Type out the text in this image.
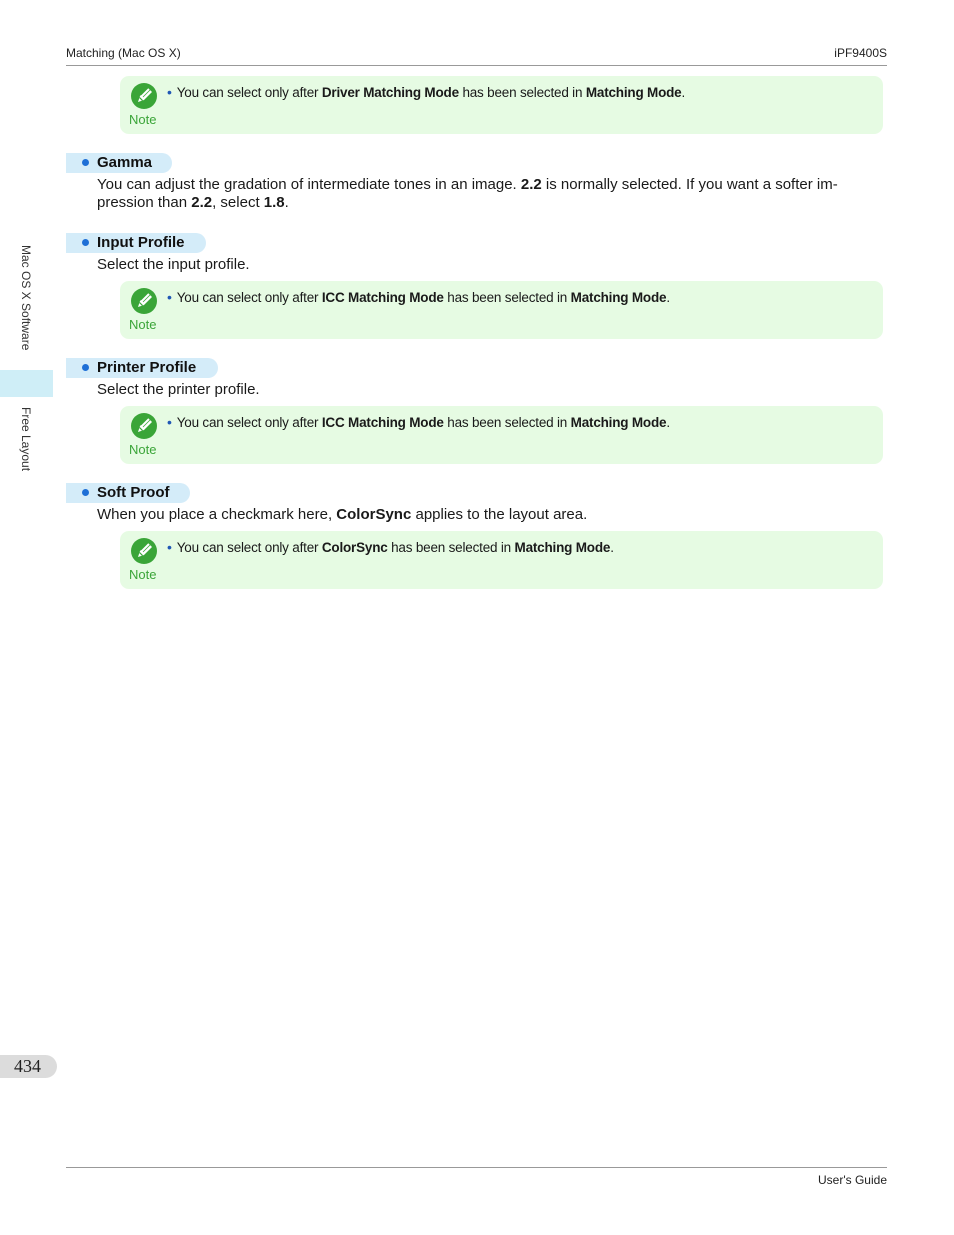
Matching (Mac OS X)	iPF9400S
Mac OS X Software
Free Layout
Note
• You can select only after Driver Matching Mode has been selected in Matching Mode.
Gamma
You can adjust the gradation of intermediate tones in an image. 2.2 is normally selected. If you want a softer im-pression than 2.2, select 1.8.
Input Profile
Select the input profile.
Note
• You can select only after ICC Matching Mode has been selected in Matching Mode.
Printer Profile
Select the printer profile.
Note
• You can select only after ICC Matching Mode has been selected in Matching Mode.
Soft Proof
When you place a checkmark here, ColorSync applies to the layout area.
Note
• You can select only after ColorSync has been selected in Matching Mode.
434
User's Guide
